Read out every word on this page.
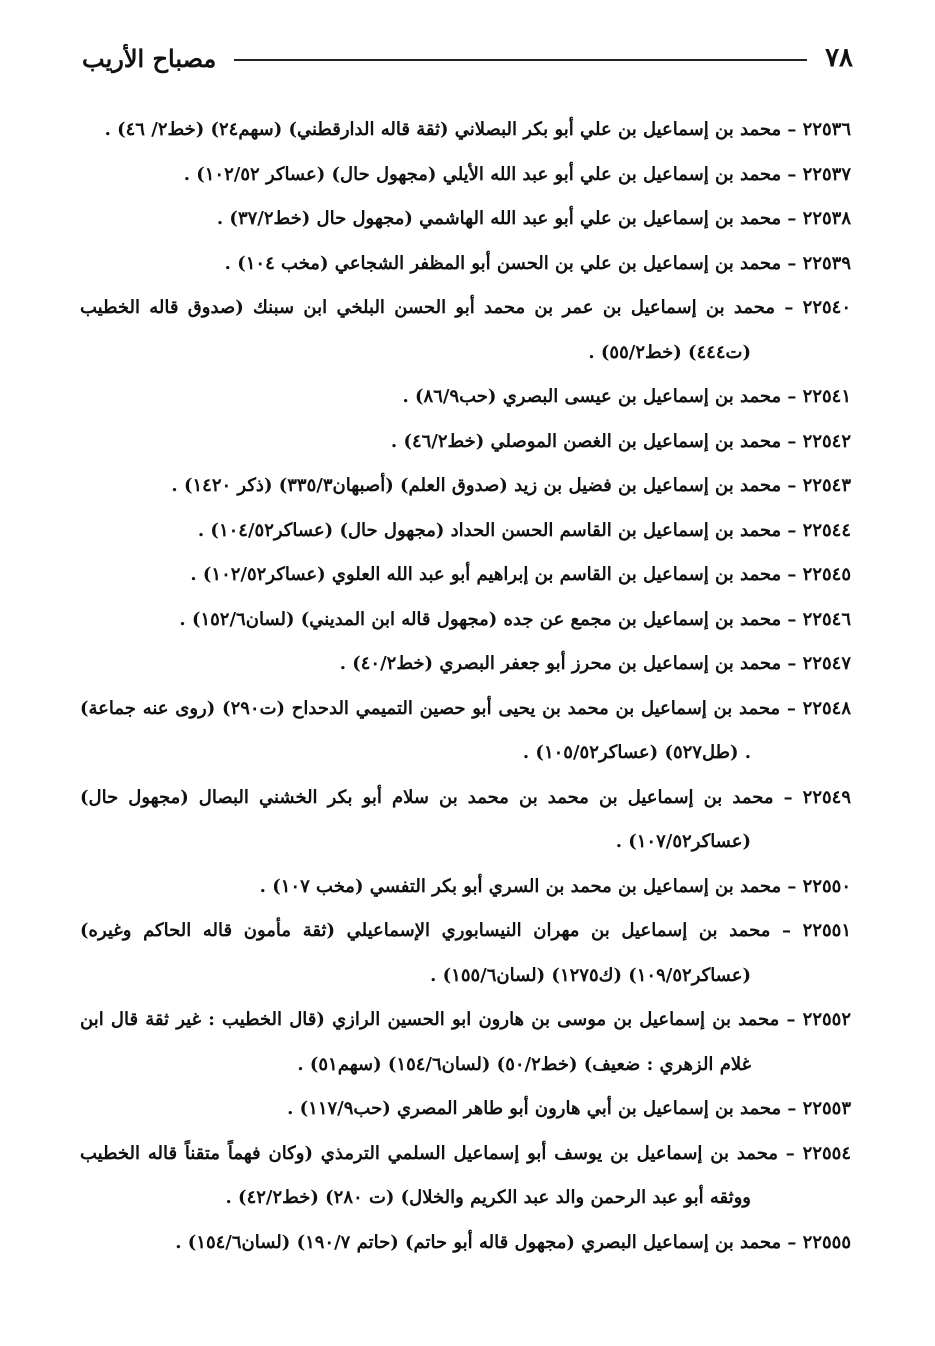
٧٨
مصباح الأريب

٢٢٥٣٦ – محمد بن إسماعيل بن علي أبو بكر البصلاني (ثقة قاله الدارقطني) (سهم٢٤) (خط٢/ ٤٦) .

٢٢٥٣٧ – محمد بن إسماعيل بن علي أبو عبد الله الأيلي (مجهول حال) (عساكر ١٠٢/٥٢) .

٢٢٥٣٨ – محمد بن إسماعيل بن علي أبو عبد الله الهاشمي (مجهول حال (خط٣٧/٢) .

٢٢٥٣٩ – محمد بن إسماعيل بن علي بن الحسن أبو المظفر الشجاعي (مخب ١٠٤) .

٢٢٥٤٠ – محمد بن إسماعيل بن عمر بن محمد أبو الحسن البلخي ابن سبنك (صدوق قاله الخطيب (ت٤٤٤) (خط٥٥/٢) .

٢٢٥٤١ – محمد بن إسماعيل بن عيسى البصري (حب٨٦/٩) .

٢٢٥٤٢ – محمد بن إسماعيل بن الغصن الموصلي (خط٤٦/٢) .

٢٢٥٤٣ – محمد بن إسماعيل بن فضيل بن زيد (صدوق العلم) (أصبهان٣٣٥/٣) (ذكر ١٤٢٠) .

٢٢٥٤٤ – محمد بن إسماعيل بن القاسم الحسن الحداد (مجهول حال) (عساكر١٠٤/٥٢) .

٢٢٥٤٥ – محمد بن إسماعيل بن القاسم بن إبراهيم أبو عبد الله العلوي (عساكر١٠٢/٥٢) .

٢٢٥٤٦ – محمد بن إسماعيل بن مجمع عن جده (مجهول قاله ابن المديني) (لسان١٥٢/٦) .

٢٢٥٤٧ – محمد بن إسماعيل بن محرز أبو جعفر البصري (خط٤٠/٢) .

٢٢٥٤٨ – محمد بن إسماعيل بن محمد بن يحيى أبو حصين التميمي الدحداح (ت٢٩٠) (روى عنه جماعة) . (طل٥٢٧) (عساكر١٠٥/٥٢) .

٢٢٥٤٩ – محمد بن إسماعيل بن محمد بن محمد بن سلام أبو بكر الخشني البصال (مجهول حال) (عساكر١٠٧/٥٢) .

٢٢٥٥٠ – محمد بن إسماعيل بن محمد بن السري أبو بكر التفسي (مخب ١٠٧) .

٢٢٥٥١ – محمد بن إسماعيل بن مهران النيسابوري الإسماعيلي (ثقة مأمون قاله الحاكم وغيره) (عساكر١٠٩/٥٢) (ك١٢٧٥) (لسان١٥٥/٦) .

٢٢٥٥٢ – محمد بن إسماعيل بن موسى بن هارون ابو الحسين الرازي (قال الخطيب : غير ثقة قال ابن غلام الزهري : ضعيف) (خط٥٠/٢) (لسان١٥٤/٦) (سهم٥١) .

٢٢٥٥٣ – محمد بن إسماعيل بن أبي هارون أبو طاهر المصري (حب١١٧/٩) .

٢٢٥٥٤ – محمد بن إسماعيل بن يوسف أبو إسماعيل السلمي الترمذي (وكان فهماً متقناً قاله الخطيب ووثقه أبو عبد الرحمن والد عبد الكريم والخلال) (ت ٢٨٠) (خط٤٢/٢) .

٢٢٥٥٥ – محمد بن إسماعيل البصري (مجهول قاله أبو حاتم) (حاتم ١٩٠/٧) (لسان١٥٤/٦) .
